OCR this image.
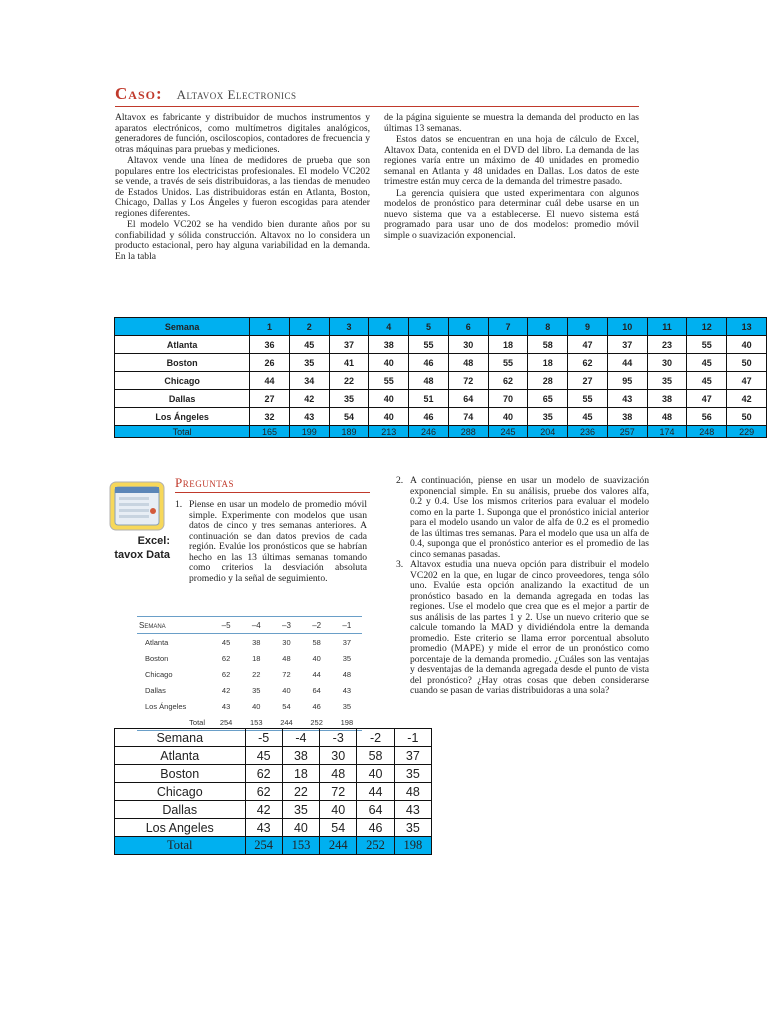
Caso: Altavox Electronics

Altavox es fabricante y distribuidor de muchos instrumentos y aparatos electrónicos, como multímetros digitales analógicos, generadores de función, osciloscopios, contadores de frecuencia y otras máquinas para pruebas y mediciones.

Altavox vende una línea de medidores de prueba que son populares entre los electricistas profesionales. El modelo VC202 se vende, a través de seis distribuidoras, a las tiendas de menudeo de Estados Unidos. Las distribuidoras están en Atlanta, Boston, Chicago, Dallas y Los Ángeles y fueron escogidas para atender regiones diferentes.

El modelo VC202 se ha vendido bien durante años por su confiabilidad y sólida construcción. Altavox no lo considera un producto estacional, pero hay alguna variabilidad en la demanda. En la tabla

de la página siguiente se muestra la demanda del producto en las últimas 13 semanas.

Estos datos se encuentran en una hoja de cálculo de Excel, Altavox Data, contenida en el DVD del libro. La demanda de las regiones varía entre un máximo de 40 unidades en promedio semanal en Atlanta y 48 unidades en Dallas. Los datos de este trimestre están muy cerca de la demanda del trimestre pasado.

La gerencia quisiera que usted experimentara con algunos modelos de pronóstico para determinar cuál debe usarse en un nuevo sistema que va a establecerse. El nuevo sistema está programado para usar uno de dos modelos: promedio móvil simple o suavización exponencial.

Semana	1	2	3	4	5	6	7	8	9	10	11	12	13
Atlanta	36	45	37	38	55	30	18	58	47	37	23	55	40
Boston	26	35	41	40	46	48	55	18	62	44	30	45	50
Chicago	44	34	22	55	48	72	62	28	27	95	35	45	47
Dallas	27	42	35	40	51	64	70	65	55	43	38	47	42
Los Ángeles	32	43	54	40	46	74	40	35	45	38	48	56	50
Total	165	199	189	213	246	288	245	204	236	257	174	248	229
Excel:
tavox Data
Preguntas
1. Piense en usar un modelo de promedio móvil simple. Experimente con modelos que usan datos de cinco y tres semanas anteriores. A continuación se dan datos previos de cada región. Evalúe los pronósticos que se habrían hecho en las 13 últimas semanas tomando como criterios la desviación absoluta promedio y la señal de seguimiento.
2. A continuación, piense en usar un modelo de suavización exponencial simple. En su análisis, pruebe dos valores alfa, 0.2 y 0.4. Use los mismos criterios para evaluar el modelo como en la parte 1. Suponga que el pronóstico inicial anterior para el modelo usando un valor de alfa de 0.2 es el promedio de las últimas tres semanas. Para el modelo que usa un alfa de 0.4, suponga que el pronóstico anterior es el promedio de las cinco semanas pasadas.
3. Altavox estudia una nueva opción para distribuir el modelo VC202 en la que, en lugar de cinco proveedores, tenga sólo uno. Evalúe esta opción analizando la exactitud de un pronóstico basado en la demanda agregada en todas las regiones. Use el modelo que crea que es el mejor a partir de sus análisis de las partes 1 y 2. Use un nuevo criterio que se calcule tomando la MAD y dividiéndola entre la demanda promedio. Este criterio se llama error porcentual absoluto promedio (MAPE) y mide el error de un pronóstico como porcentaje de la demanda promedio. ¿Cuáles son las ventajas y desventajas de la demanda agregada desde el punto de vista del pronóstico? ¿Hay otras cosas que deben considerarse cuando se pasan de varias distribuidoras a una sola?
Semana	–5	–4	–3	–2	–1
Atlanta	45	38	30	58	37
Boston	62	18	48	40	35
Chicago	62	22	72	44	48
Dallas	42	35	40	64	43
Los Ángeles	43	40	54	46	35
Total	254	153	244	252	198
Semana	-5	-4	-3	-2	-1
Atlanta	45	38	30	58	37
Boston	62	18	48	40	35
Chicago	62	22	72	44	48
Dallas	42	35	40	64	43
Los Angeles	43	40	54	46	35
Total	254	153	244	252	198
